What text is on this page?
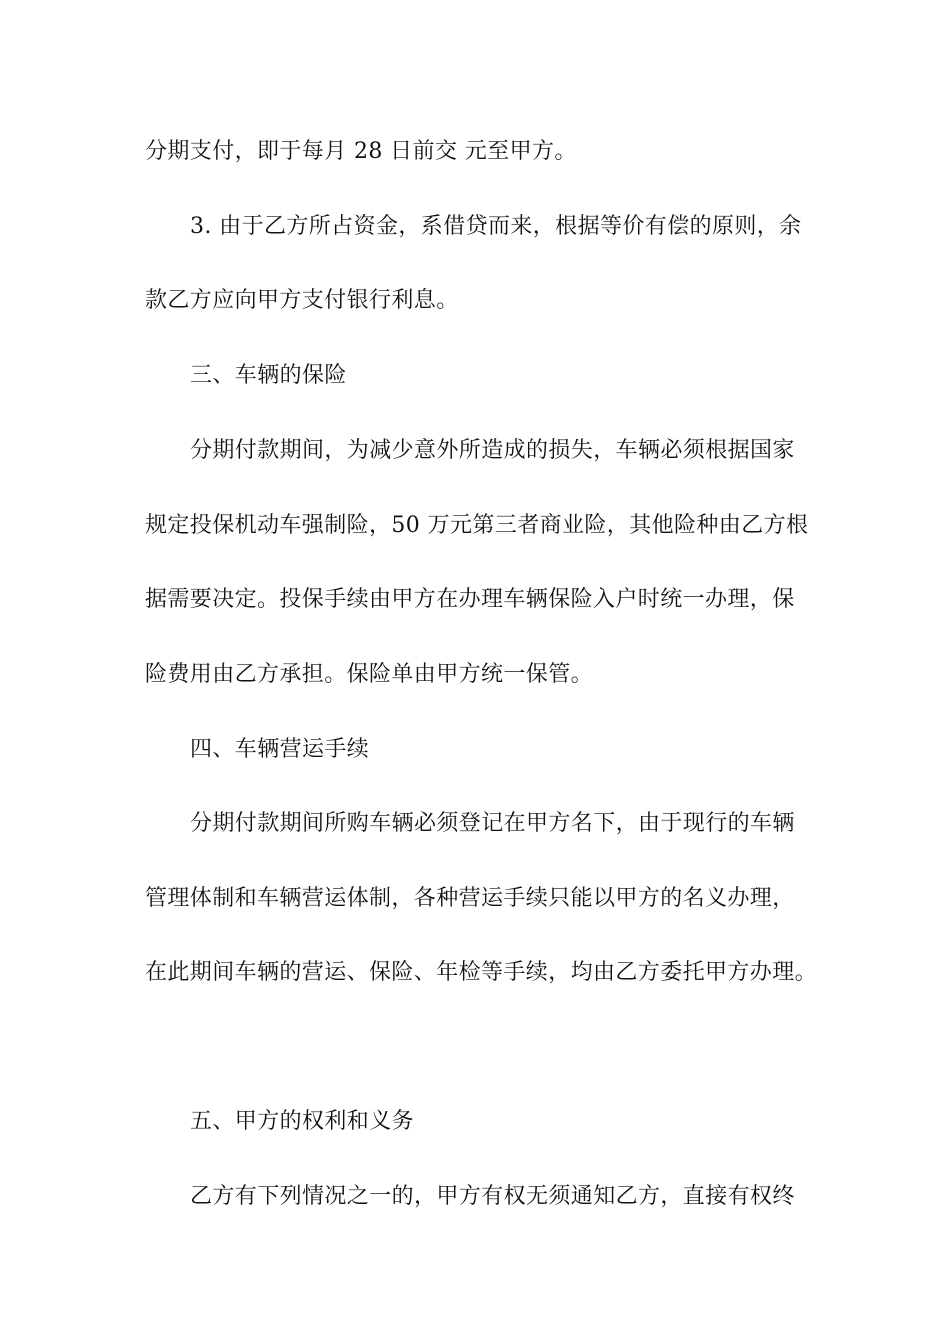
分期支付，即于每月 28 日前交 元至甲方。
3. 由于乙方所占资金，系借贷而来，根据等价有偿的原则，余
款乙方应向甲方支付银行利息。
三、车辆的保险
分期付款期间，为减少意外所造成的损失，车辆必须根据国家
规定投保机动车强制险，50 万元第三者商业险，其他险种由乙方根
据需要决定。投保手续由甲方在办理车辆保险入户时统一办理，保
险费用由乙方承担。保险单由甲方统一保管。
四、车辆营运手续
分期付款期间所购车辆必须登记在甲方名下，由于现行的车辆
管理体制和车辆营运体制，各种营运手续只能以甲方的名义办理，
在此期间车辆的营运、保险、年检等手续，均由乙方委托甲方办理。
五、甲方的权利和义务
乙方有下列情况之一的，甲方有权无须通知乙方，直接有权终
